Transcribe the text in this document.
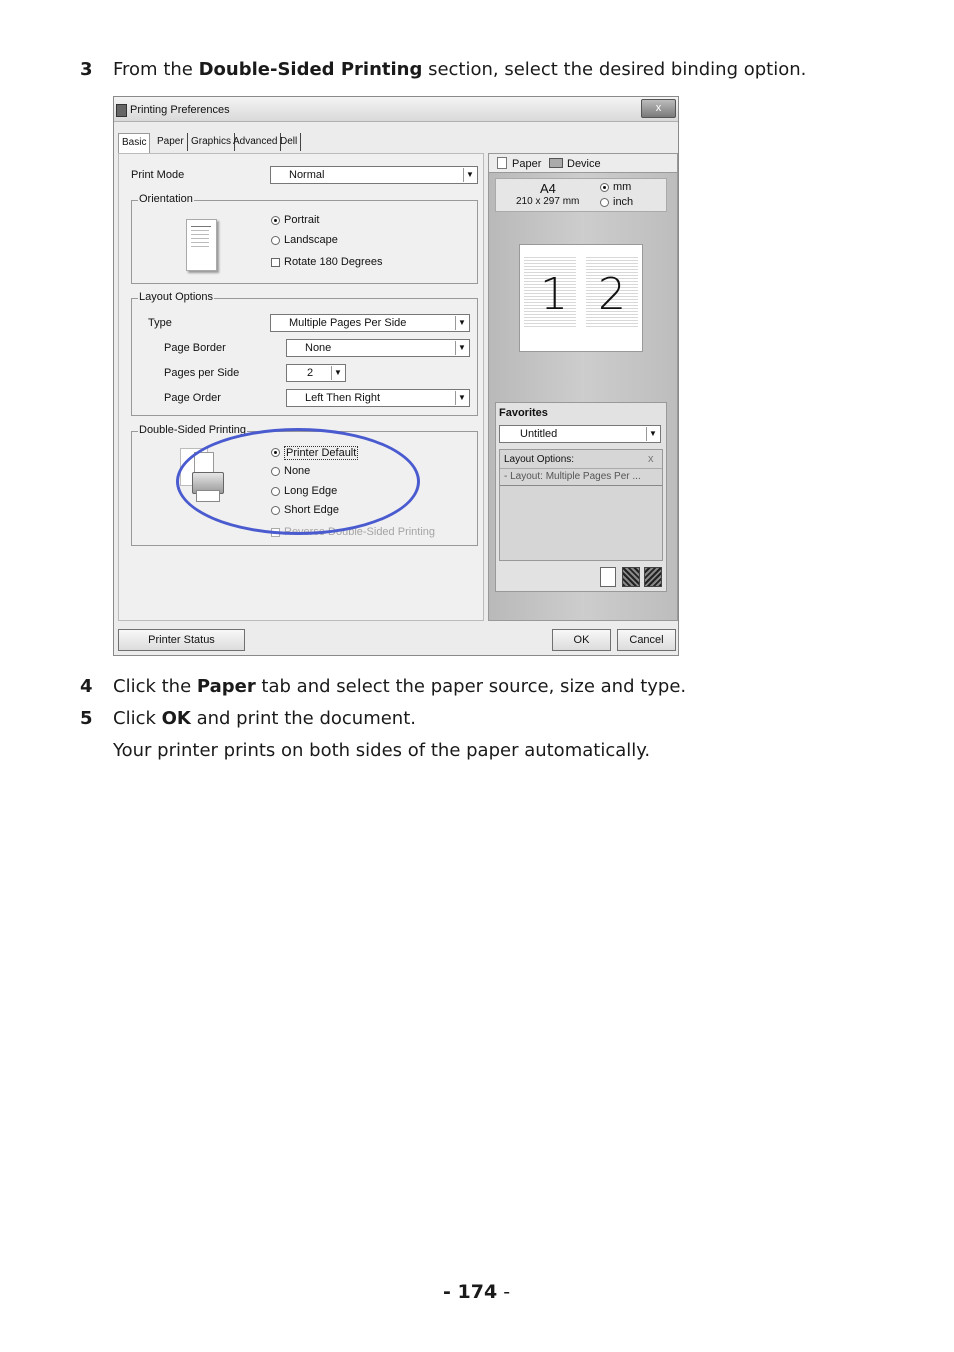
3 From the Double-Sided Printing section, select the desired binding option.
Printing Preferences	x
Basic	Paper Graphics Advanced Dell
Print Mode	Normal	▼
Orientation
Portrait
Landscape
Rotate 180 Degrees
Layout Options
Type	Multiple Pages Per Side	▼
Page Border	None	▼
Pages per Side	2	▼
Page Order	Left Then Right	▼
Double-Sided Printing
Printer Default
None
Long Edge
Short Edge
Reverse Double-Sided Printing
Paper	Device
A4
210 x 297 mm
mm
inch
1 2
Favorites
Untitled	▼
Layout Options:	x
- Layout: Multiple Pages Per ...
Printer Status	OK	Cancel
4 Click the Paper tab and select the paper source, size and type.
5 Click OK and print the document.
Your printer prints on both sides of the paper automatically.
- 174 -
